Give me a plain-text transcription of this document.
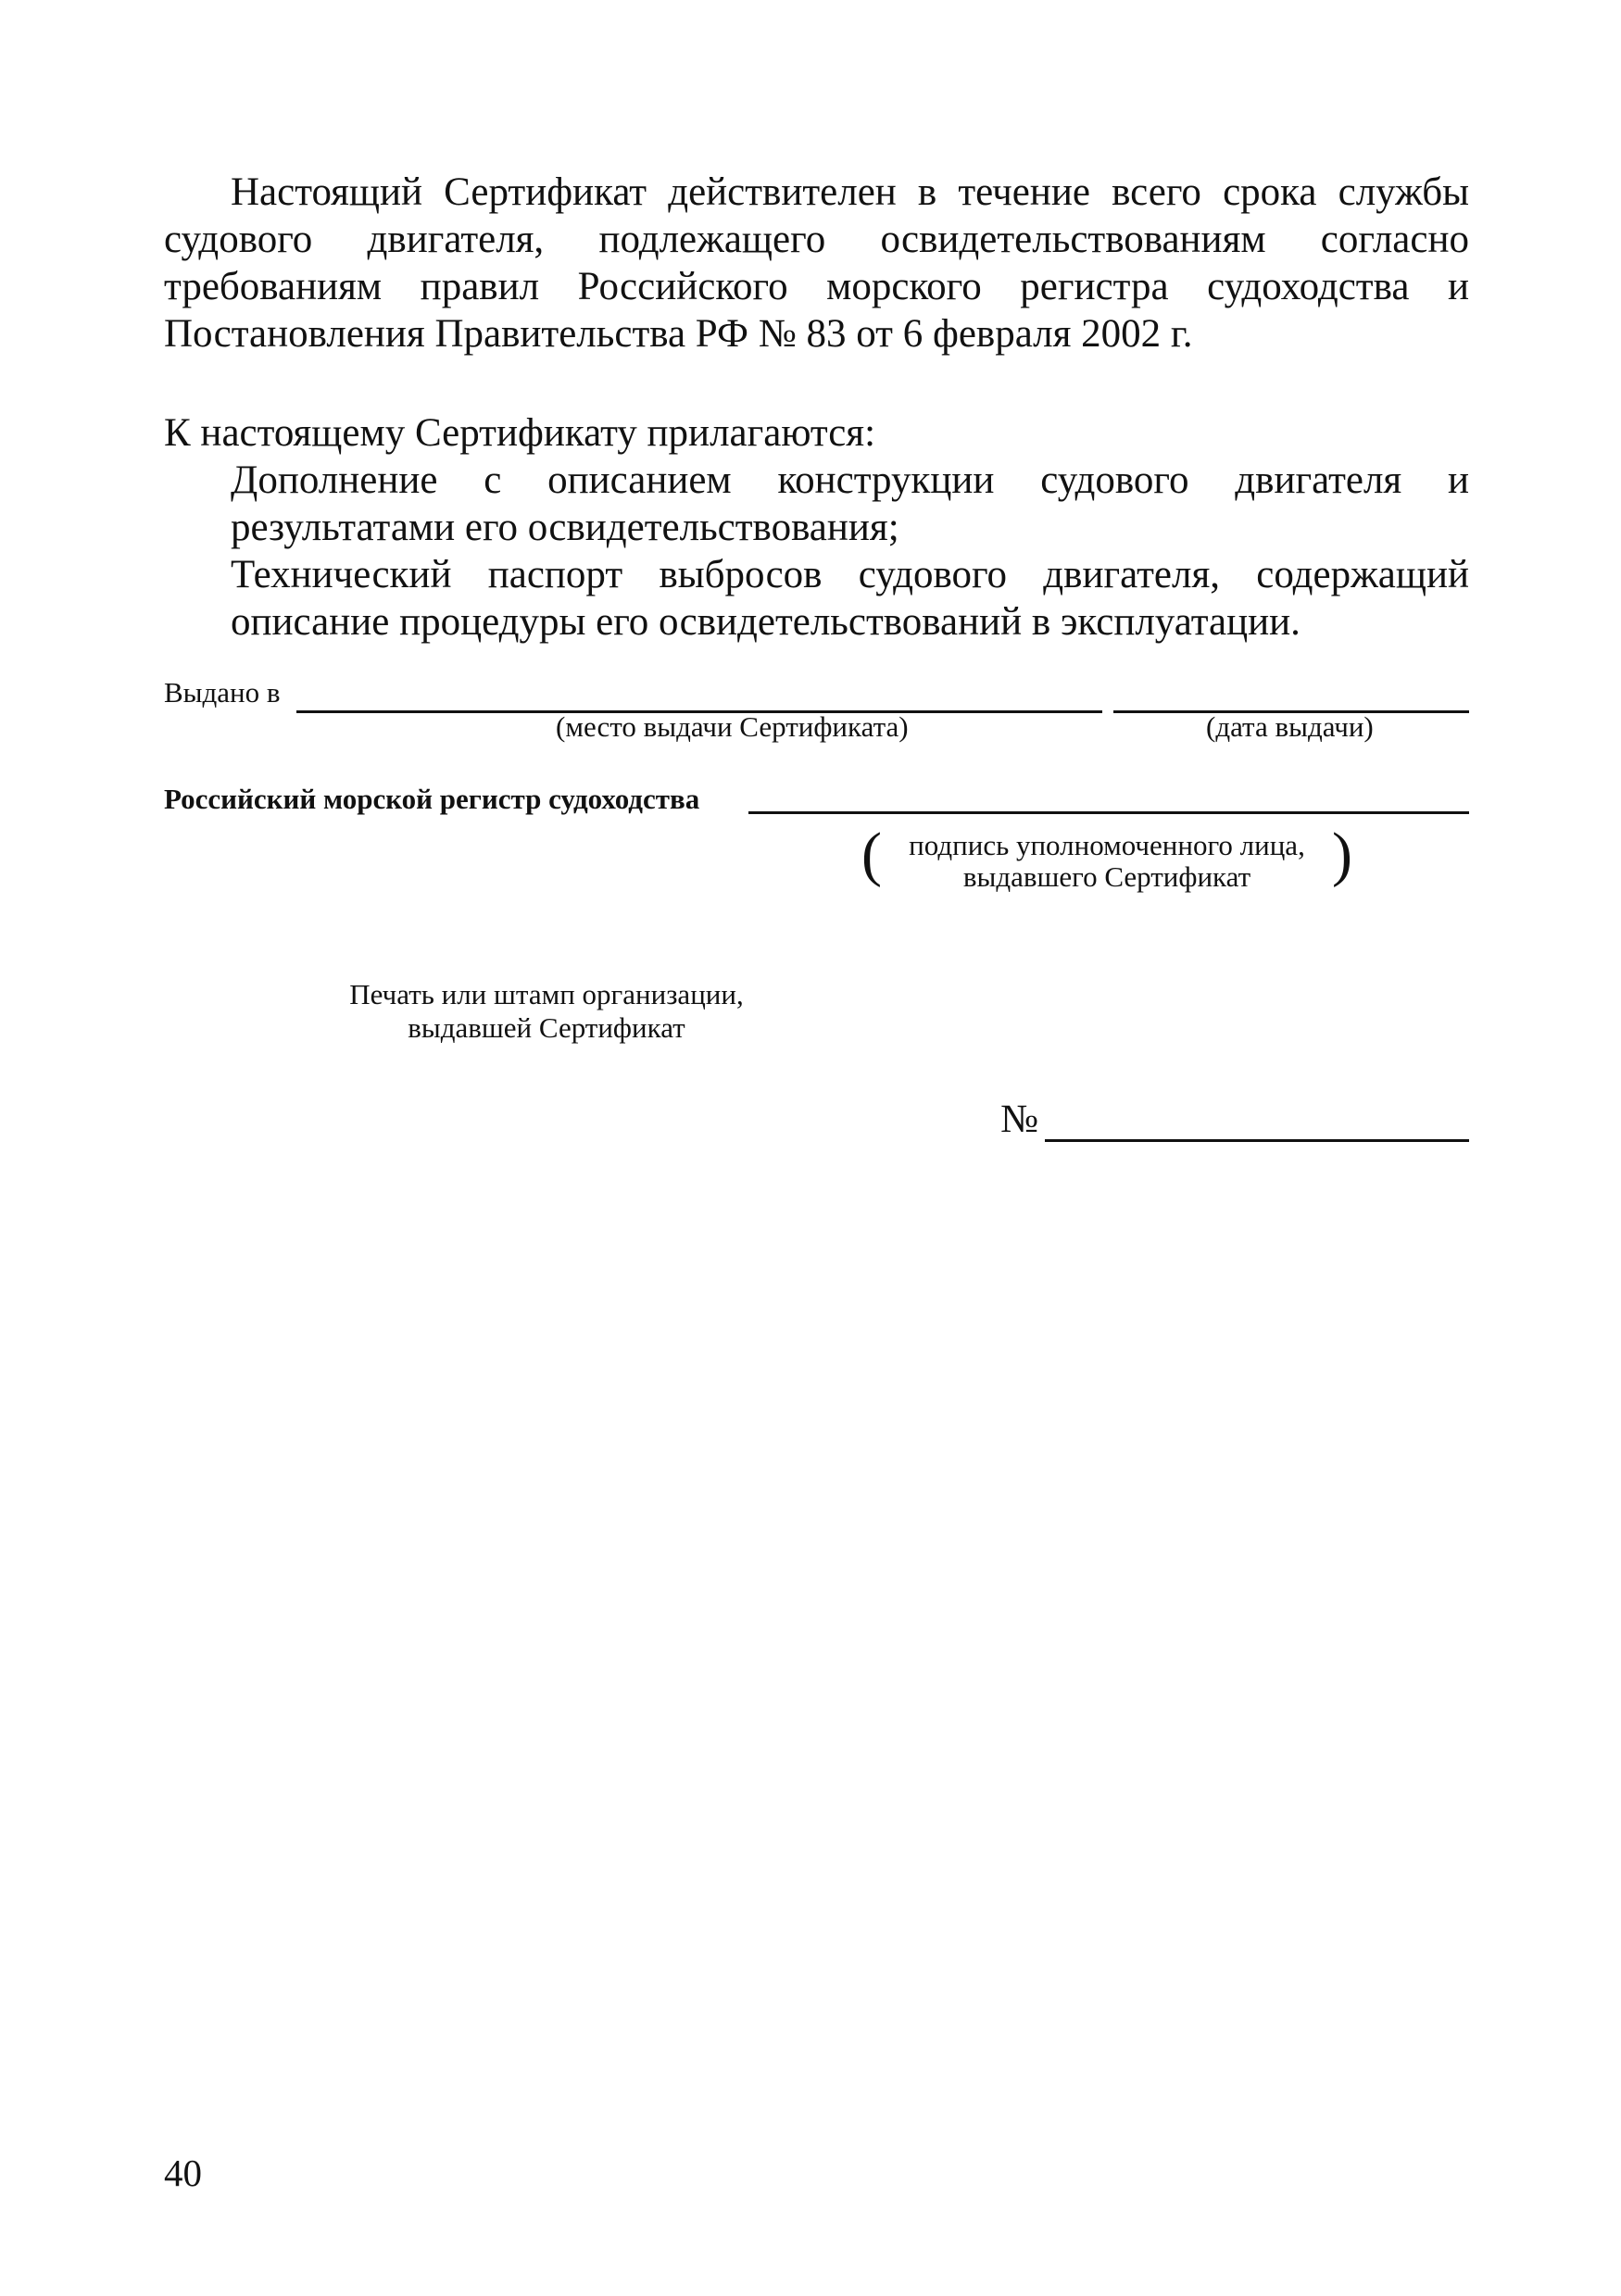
Настоящий Сертификат действителен в течение всего срока службы судового двигателя, подлежащего освидетельствованиям согласно требованиям правил Российского морского регистра судоходства и Постановления Правительства РФ № 83 от 6 февраля 2002 г.
К настоящему Сертификату прилагаются:
Дополнение с описанием конструкции судового двигателя и результатами его освидетельствования;
Технический паспорт выбросов судового двигателя, содержащий описание процедуры его освидетельствований в эксплуатации.
Выдано в
(место выдачи Сертификата)	(дата выдачи)
Российский морской регистр судоходства
( подпись уполномоченного лица,
выдавшего Сертификат	)
Печать или штамп организации,
выдавшей Сертификат
№
40
